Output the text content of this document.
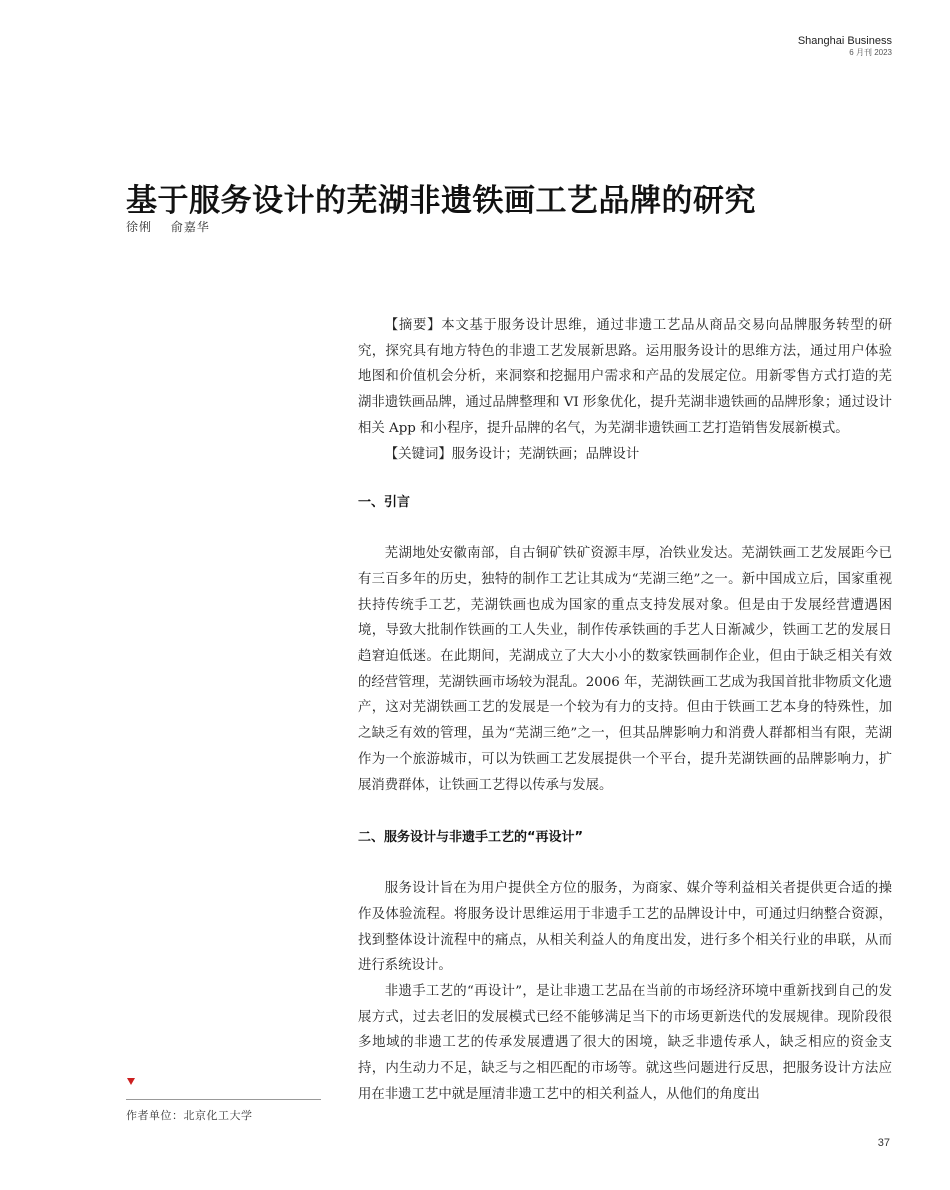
Shanghai Business
6 月刊 2023
基于服务设计的芜湖非遗铁画工艺品牌的研究
徐俐 俞嘉华

【摘要】本文基于服务设计思维，通过非遗工艺品从商品交易向品牌服务转型的研究，探究具有地方特色的非遗工艺发展新思路。运用服务设计的思维方法，通过用户体验地图和价值机会分析，来洞察和挖掘用户需求和产品的发展定位。用新零售方式打造的芜湖非遗铁画品牌，通过品牌整理和 VI 形象优化，提升芜湖非遗铁画的品牌形象；通过设计相关 App 和小程序，提升品牌的名气，为芜湖非遗铁画工艺打造销售发展新模式。

【关键词】服务设计；芜湖铁画；品牌设计

一、引言

芜湖地处安徽南部，自古铜矿铁矿资源丰厚，冶铁业发达。芜湖铁画工艺发展距今已有三百多年的历史，独特的制作工艺让其成为“芜湖三绝”之一。新中国成立后，国家重视扶持传统手工艺，芜湖铁画也成为国家的重点支持发展对象。但是由于发展经营遭遇困境，导致大批制作铁画的工人失业，制作传承铁画的手艺人日渐减少，铁画工艺的发展日趋窘迫低迷。在此期间，芜湖成立了大大小小的数家铁画制作企业，但由于缺乏相关有效的经营管理，芜湖铁画市场较为混乱。2006 年，芜湖铁画工艺成为我国首批非物质文化遗产，这对芜湖铁画工艺的发展是一个较为有力的支持。但由于铁画工艺本身的特殊性，加之缺乏有效的管理，虽为“芜湖三绝”之一，但其品牌影响力和消费人群都相当有限，芜湖作为一个旅游城市，可以为铁画工艺发展提供一个平台，提升芜湖铁画的品牌影响力，扩展消费群体，让铁画工艺得以传承与发展。

二、服务设计与非遗手工艺的“再设计”

服务设计旨在为用户提供全方位的服务，为商家、媒介等利益相关者提供更合适的操作及体验流程。将服务设计思维运用于非遗手工艺的品牌设计中，可通过归纳整合资源，找到整体设计流程中的痛点，从相关利益人的角度出发，进行多个相关行业的串联，从而进行系统设计。

非遗手工艺的“再设计”，是让非遗工艺品在当前的市场经济环境中重新找到自己的发展方式，过去老旧的发展模式已经不能够满足当下的市场更新迭代的发展规律。现阶段很多地域的非遗工艺的传承发展遭遇了很大的困境，缺乏非遗传承人，缺乏相应的资金支持，内生动力不足，缺乏与之相匹配的市场等。就这些问题进行反思，把服务设计方法应用在非遗工艺中就是厘清非遗工艺中的相关利益人，从他们的角度出

作者单位：北京化工大学
37
